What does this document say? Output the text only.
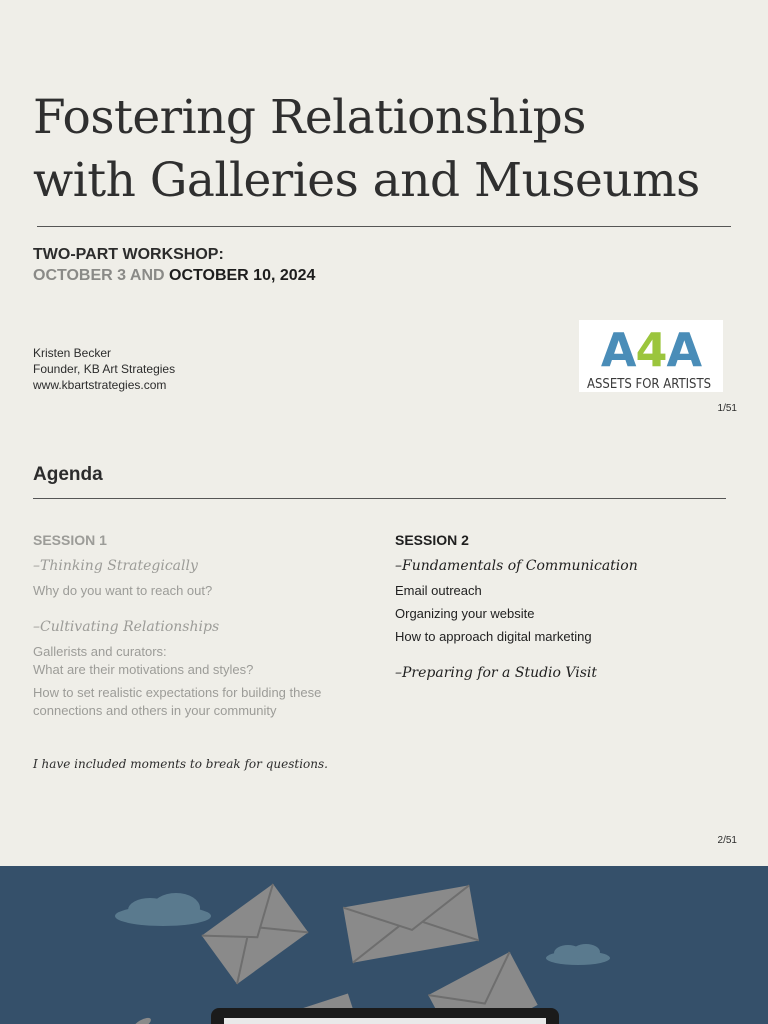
Fostering Relationships
with Galleries and Museums
TWO-PART WORKSHOP:
OCTOBER 3 AND OCTOBER 10, 2024
Kristen Becker
Founder, KB Art Strategies
www.kbartstrategies.com
A4A
ASSETS FOR ARTISTS
1/51
Agenda
SESSION 1
–Thinking Strategically
Why do you want to reach out?
–Cultivating Relationships
Gallerists and curators:
What are their motivations and styles?
How to set realistic expectations for building these connections and others in your community
SESSION 2
–Fundamentals of Communication
Email outreach
Organizing your website
How to approach digital marketing
–Preparing for a Studio Visit
I have included moments to break for questions.
2/51
